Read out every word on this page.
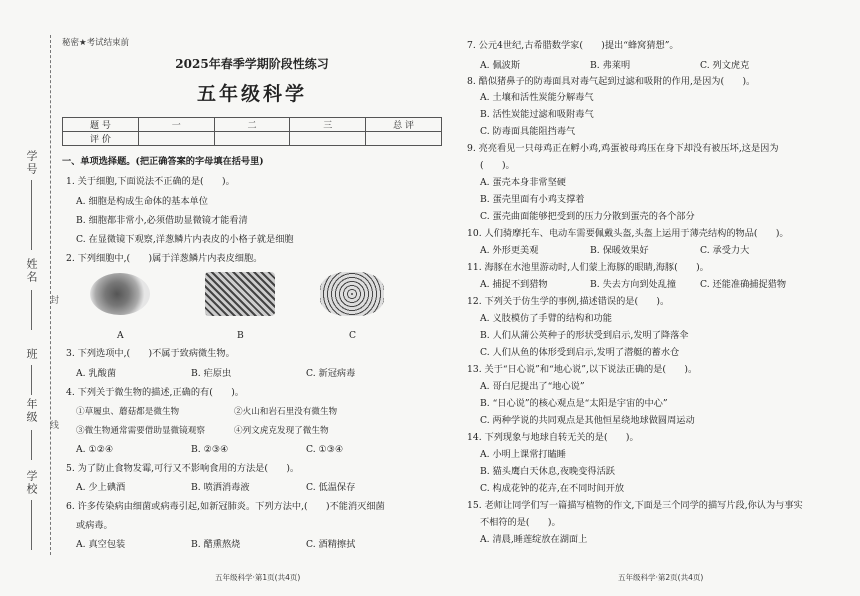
学号
姓名
班
年级
学校
封
线
秘密★考试结束前
2025年春季学期阶段性练习
五年级科学
题 号	一	二	三	总 评
评 价				
一、单项选择题。(把正确答案的字母填在括号里)
1. 关于细胞,下面说法不正确的是(　　)。
A. 细胞是构成生命体的基本单位
B. 细胞都非常小,必须借助显微镜才能看清
C. 在显微镜下观察,洋葱鳞片内表皮的小格子就是细胞
2. 下列细胞中,(　　)属于洋葱鳞片内表皮细胞。
A	B	C
3. 下列选项中,(　　)不属于致病微生物。
A. 乳酸菌	B. 疟原虫	C. 新冠病毒
4. 下列关于微生物的描述,正确的有(　　)。
①草履虫、蘑菇都是微生物	②火山和岩石里没有微生物
③微生物通常需要借助显微镜观察	④列文虎克发现了微生物
A. ①②④	B. ②③④	C. ①③④
5. 为了防止食物发霉,可行又不影响食用的方法是(　　)。
A. 少上碘酒	B. 喷洒消毒液	C. 低温保存
6. 许多传染病由细菌或病毒引起,如新冠肺炎。下列方法中,(　　)不能消灭细菌
或病毒。
A. 真空包装	B. 醋熏熬烧	C. 酒精擦拭
五年级科学·第1页(共4页)
7. 公元4世纪,古希腊数学家(　　)提出“蜂窝猜想”。
A. 佩波斯	B. 弗莱明	C. 列文虎克
8. 酷似猪鼻子的防毒面具对毒气起到过滤和吸附的作用,是因为(　　)。
A. 土壤和活性炭能分解毒气
B. 活性炭能过滤和吸附毒气
C. 防毒面具能阻挡毒气
9. 亮亮看见一只母鸡正在孵小鸡,鸡蛋被母鸡压在身下却没有被压坏,这是因为
(　　)。
A. 蛋壳本身非常坚硬
B. 蛋壳里面有小鸡支撑着
C. 蛋壳曲面能够把受到的压力分散到蛋壳的各个部分
10. 人们骑摩托车、电动车需要佩戴头盔,头盔上运用于薄壳结构的物品(　　)。
A. 外形更美观	B. 保暖效果好	C. 承受力大
11. 海豚在水池里游动时,人们蒙上海豚的眼睛,海豚(　　)。
A. 捕捉不到猎物	B. 失去方向到处乱撞	C. 还能准确捕捉猎物
12. 下列关于仿生学的事例,描述错误的是(　　)。
A. 义肢模仿了手臂的结构和功能
B. 人们从蒲公英种子的形状受到启示,发明了降落伞
C. 人们从鱼的体形受到启示,发明了潜艇的蓄水仓
13. 关于“日心说”和“地心说”,以下说法正确的是(　　)。
A. 哥白尼提出了“地心说”
B. “日心说”的核心观点是“太阳是宇宙的中心”
C. 两种学说的共同观点是其他恒星绕地球做圆周运动
14. 下列现象与地球自转无关的是(　　)。
A. 小明上课常打瞌睡
B. 猫头鹰白天休息,夜晚变得活跃
C. 构成花钟的花卉,在不同时间开放
15. 老师让同学们写一篇描写植物的作文,下面是三个同学的描写片段,你认为与事实
不相符的是(　　)。
A. 清晨,睡莲绽放在湖面上
五年级科学·第2页(共4页)
